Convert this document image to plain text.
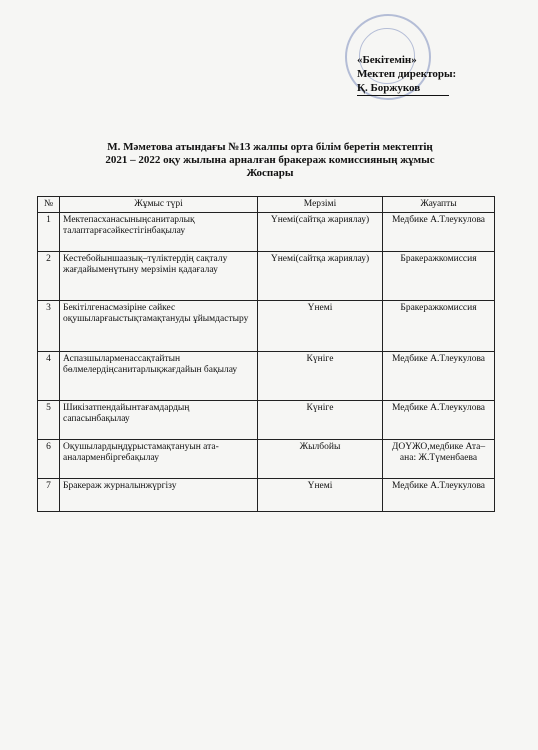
«Бекітемін»
Мектеп директоры:
Қ. Боржуков
М. Мәметова атындағы №13 жалпы орта білім беретін мектептің
2021 – 2022 оқу жылына арналған бракераж комиссияның жұмыс
Жоспары
№	Жұмыс түрі	Мерзімі	Жауапты
1	Мектепасханасыныңсанитарлық талаптарғасәйкестігінбақылау	Үнемі(сайтқа жариялау)	Медбике А.Тлеукулова
2	Кестебойыншаазық–түліктердің сақталу жағдайыменүтыну мерзімін қадағалау	Үнемі(сайтқа жариялау)	Бракеражкомиссия
3	Бекітілгенасмәзіріне сәйкес оқушыларғаыстықтамақтануды ұйымдастыру	Үнемі	Бракеражкомиссия
4	Аспазшыларменасcақтайтын бөлмелердіңсанитарлықжағдайын бақылау	Күнігe	Медбике А.Тлеукулова
5	Шикізатпендайынтағамдардың сапасынбақылау	Күнігe	Медбике А.Тлеукулова
6	Оқушылардыңдұрыстамақтануын ата-аналарменбіргебақылау	Жылбойы	ДОҮЖО,медбике Ата–ана: Ж.Түменбаева
7	Бракераж журналынжүргізу	Үнемі	Медбике А.Тлеукулова
